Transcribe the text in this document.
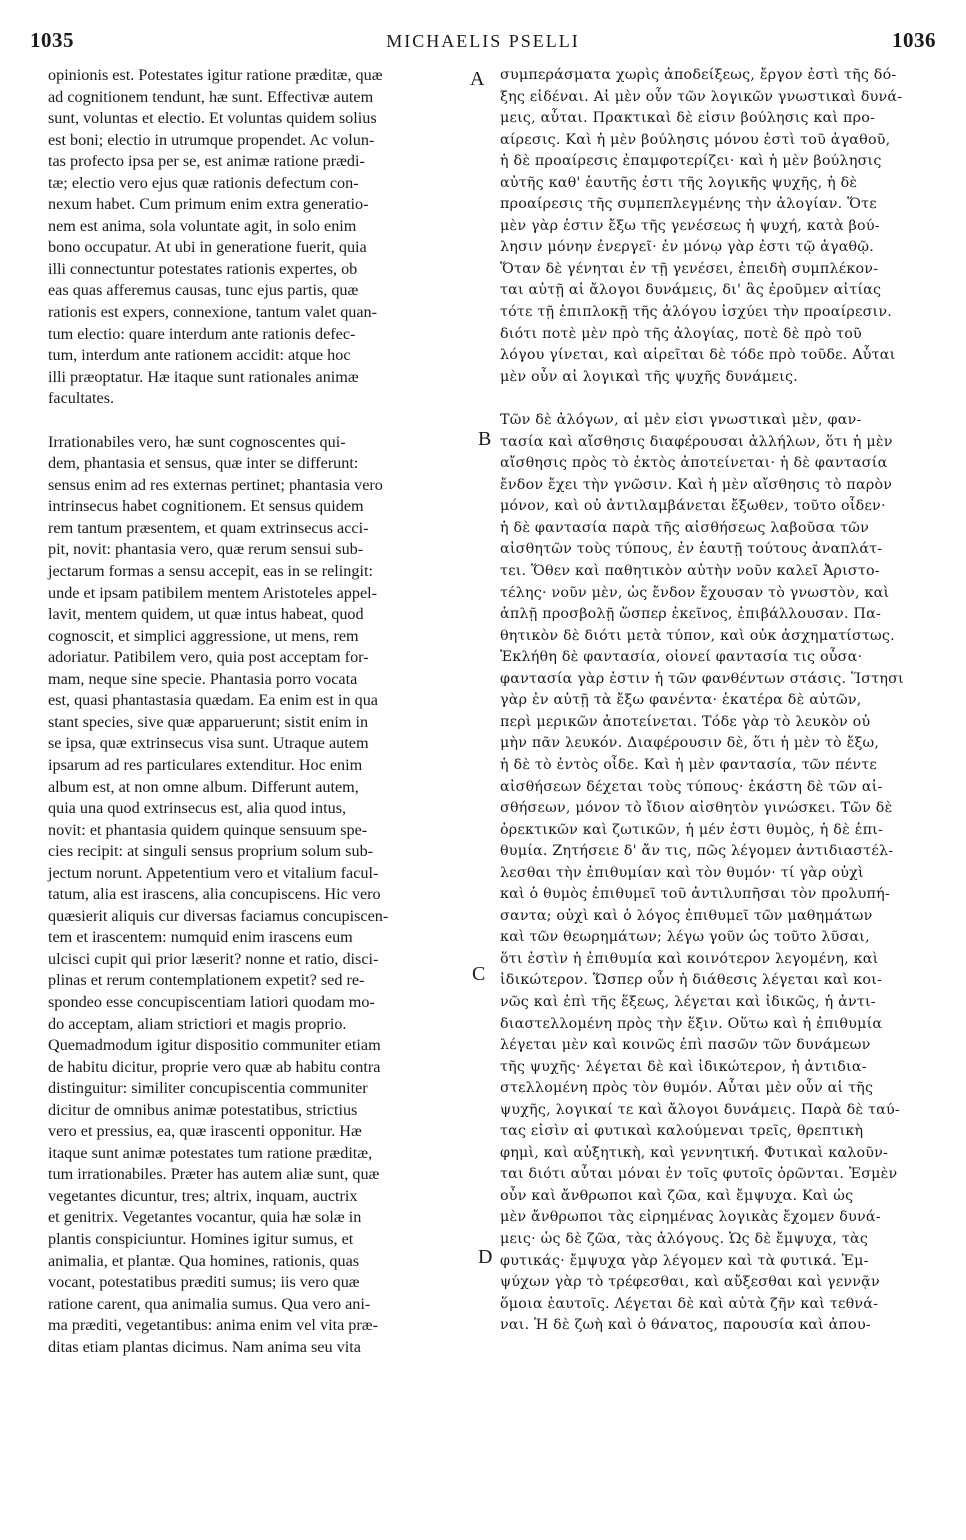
1035	MICHAELIS PSELLI	1036

opinionis est. Potestates igitur ratione præditæ, quæ
ad cognitionem tendunt, hæ sunt. Effectivæ autem
sunt, voluntas et electio. Et voluntas quidem solius
est boni; electio in utrumque propendet. Ac volun-
tas profecto ipsa per se, est animæ ratione prædi-
tæ; electio vero ejus quæ rationis defectum con-
nexum habet. Cum primum enim extra generatio-
nem est anima, sola voluntate agit, in solo enim
bono occupatur. At ubi in generatione fuerit, quia
illi connectuntur potestates rationis expertes, ob
eas quas afferemus causas, tunc ejus partis, quæ
rationis est expers, connexione, tantum valet quan-
tum electio: quare interdum ante rationis defec-
tum, interdum ante rationem accidit: atque hoc
illi præoptatur. Hæ itaque sunt rationales animæ
facultates.

Irrationabiles vero, hæ sunt cognoscentes qui-
dem, phantasia et sensus, quæ inter se differunt:
sensus enim ad res externas pertinet; phantasia vero
intrinsecus habet cognitionem. Et sensus quidem
rem tantum præsentem, et quam extrinsecus acci-
pit, novit: phantasia vero, quæ rerum sensui sub-
jectarum formas a sensu accepit, eas in se relingit:
unde et ipsam patibilem mentem Aristoteles appel-
lavit, mentem quidem, ut quæ intus habeat, quod
cognoscit, et simplici aggressione, ut mens, rem
adoriatur. Patibilem vero, quia post acceptam for-
mam, neque sine specie. Phantasia porro vocata
est, quasi phantastasia quædam. Ea enim est in qua
stant species, sive quæ apparuerunt; sistit enim in
se ipsa, quæ extrinsecus visa sunt. Utraque autem
ipsarum ad res particulares extenditur. Hoc enim
album est, at non omne album. Differunt autem,
quia una quod extrinsecus est, alia quod intus,
novit: et phantasia quidem quinque sensuum spe-
cies recipit: at singuli sensus proprium solum sub-
jectum norunt. Appetentium vero et vitalium facul-
tatum, alia est irascens, alia concupiscens. Hic vero
quæsierit aliquis cur diversas faciamus concupiscen-
tem et irascentem: numquid enim irascens eum
ulcisci cupit qui prior læserit? nonne et ratio, disci-
plinas et rerum contemplationem expetit? sed re-
spondeo esse concupiscentiam latiori quodam mo-
do acceptam, aliam strictiori et magis proprio.
Quemadmodum igitur dispositio communiter etiam
de habitu dicitur, proprie vero quæ ab habitu contra
distinguitur: similiter concupiscentia communiter
dicitur de omnibus animæ potestatibus, strictius
vero et pressius, ea, quæ irascenti opponitur. Hæ
itaque sunt animæ potestates tum ratione præditæ,
tum irrationabiles. Præter has autem aliæ sunt, quæ
vegetantes dicuntur, tres; altrix, inquam, auctrix
et genitrix. Vegetantes vocantur, quia hæ solæ in
plantis conspiciuntur. Homines igitur sumus, et
animalia, et plantæ. Qua homines, rationis, quas
vocant, potestatibus præditi sumus; iis vero quæ
ratione carent, qua animalia sumus. Qua vero ani-
ma præditi, vegetantibus: anima enim vel vita præ-
ditas etiam plantas dicimus. Nam anima seu vita

A
B
C
D

συμπεράσματα χωρὶς ἀποδείξεως, ἔργον ἐστὶ τῆς δό-
ξης εἰδέναι. Αἱ μὲν οὖν τῶν λογικῶν γνωστικαὶ δυνά-
μεις, αὗται. Πρακτικαὶ δὲ εἰσιν βούλησις καὶ προ-
αίρεσις. Καὶ ἡ μὲν βούλησις μόνου ἐστὶ τοῦ ἀγαθοῦ,
ἡ δὲ προαίρεσις ἐπαμφοτερίζει· καὶ ἡ μὲν βούλησις
αὐτῆς καθ' ἑαυτῆς ἐστι τῆς λογικῆς ψυχῆς, ἡ δὲ
προαίρεσις τῆς συμπεπλεγμένης τὴν ἀλογίαν. Ὅτε
μὲν γὰρ ἐστιν ἔξω τῆς γενέσεως ἡ ψυχή, κατὰ βού-
λησιν μόνην ἐνεργεῖ· ἐν μόνῳ γὰρ ἐστι τῷ ἀγαθῷ.
Ὅταν δὲ γένηται ἐν τῇ γενέσει, ἐπειδὴ συμπλέκον-
ται αὐτῇ αἱ ἄλογοι δυνάμεις, δι' ἃς ἐροῦμεν αἰτίας
τότε τῇ ἐπιπλοκῇ τῆς ἀλόγου ἰσχύει τὴν προαίρεσιν.
διότι ποτὲ μὲν πρὸ τῆς ἀλογίας, ποτὲ δὲ πρὸ τοῦ
λόγου γίνεται, καὶ αἱρεῖται δὲ τόδε πρὸ τοῦδε. Αὗται
μὲν οὖν αἱ λογικαὶ τῆς ψυχῆς δυνάμεις.

Τῶν δὲ ἀλόγων, αἱ μὲν εἰσι γνωστικαὶ μὲν, φαν-
τασία καὶ αἴσθησις διαφέρουσαι ἀλλήλων, ὅτι ἡ μὲν
αἴσθησις πρὸς τὸ ἐκτὸς ἀποτείνεται· ἡ δὲ φαντασία
ἔνδον ἔχει τὴν γνῶσιν. Καὶ ἡ μὲν αἴσθησις τὸ παρὸν
μόνον, καὶ οὐ ἀντιλαμβάνεται ἔξωθεν, τοῦτο οἶδεν·
ἡ δὲ φαντασία παρὰ τῆς αἰσθήσεως λαβοῦσα τῶν
αἰσθητῶν τοὺς τύπους, ἐν ἑαυτῇ τούτους ἀναπλάτ-
τει. Ὅθεν καὶ παθητικὸν αὐτὴν νοῦν καλεῖ Ἀριστο-
τέλης· νοῦν μὲν, ὡς ἔνδον ἔχουσαν τὸ γνωστὸν, καὶ
ἁπλῇ προσβολῇ ὥσπερ ἐκεῖνος, ἐπιβάλλουσαν. Πα-
θητικὸν δὲ διότι μετὰ τύπον, καὶ οὐκ ἀσχηματίστως.
Ἐκλήθη δὲ φαντασία, οἱονεί φαντασία τις οὖσα·
φαντασία γὰρ ἐστιν ἡ τῶν φανθέντων στάσις. Ἵστησι
γὰρ ἐν αὐτῇ τὰ ἔξω φανέντα· ἑκατέρα δὲ αὐτῶν,
περὶ μερικῶν ἀποτείνεται. Τόδε γὰρ τὸ λευκὸν οὐ
μὴν πᾶν λευκόν. Διαφέρουσιν δὲ, ὅτι ἡ μὲν τὸ ἔξω,
ἡ δὲ τὸ ἐντὸς οἶδε. Καὶ ἡ μὲν φαντασία, τῶν πέντε
αἰσθήσεων δέχεται τοὺς τύπους· ἑκάστη δὲ τῶν αἰ-
σθήσεων, μόνον τὸ ἴδιον αἰσθητὸν γινώσκει. Τῶν δὲ
ὀρεκτικῶν καὶ ζωτικῶν, ἡ μέν ἐστι θυμὸς, ἡ δὲ ἐπι-
θυμία. Ζητήσειε δ' ἄν τις, πῶς λέγομεν ἀντιδιαστέλ-
λεσθαι τὴν ἐπιθυμίαν καὶ τὸν θυμόν· τί γὰρ οὐχὶ
καὶ ὁ θυμὸς ἐπιθυμεῖ τοῦ ἀντιλυπῆσαι τὸν προλυπή-
σαντα; οὐχὶ καὶ ὁ λόγος ἐπιθυμεῖ τῶν μαθημάτων
καὶ τῶν θεωρημάτων; λέγω γοῦν ὡς τοῦτο λῦσαι,
ὅτι ἐστὶν ἡ ἐπιθυμία καὶ κοινότερον λεγομένη, καὶ
ἰδικώτερον. Ὥσπερ οὖν ἡ διάθεσις λέγεται καὶ κοι-
νῶς καὶ ἐπὶ τῆς ἕξεως, λέγεται καὶ ἰδικῶς, ἡ ἀντι-
διαστελλομένη πρὸς τὴν ἕξιν. Οὕτω καὶ ἡ ἐπιθυμία
λέγεται μὲν καὶ κοινῶς ἐπὶ πασῶν τῶν δυνάμεων
τῆς ψυχῆς· λέγεται δὲ καὶ ἰδικώτερον, ἡ ἀντιδια-
στελλομένη πρὸς τὸν θυμόν. Αὗται μὲν οὖν αἱ τῆς
ψυχῆς, λογικαί τε καὶ ἄλογοι δυνάμεις. Παρὰ δὲ ταύ-
τας εἰσὶν αἱ φυτικαὶ καλούμεναι τρεῖς, θρεπτικὴ
φημὶ, καὶ αὐξητικὴ, καὶ γεννητική. Φυτικαὶ καλοῦν-
ται διότι αὗται μόναι ἐν τοῖς φυτοῖς ὁρῶνται. Ἐσμὲν
οὖν καὶ ἄνθρωποι καὶ ζῶα, καὶ ἔμψυχα. Καὶ ὡς
μὲν ἄνθρωποι τὰς εἰρημένας λογικὰς ἔχομεν δυνά-
μεις· ὡς δὲ ζῶα, τὰς ἀλόγους. Ὡς δὲ ἔμψυχα, τὰς
φυτικάς· ἔμψυχα γὰρ λέγομεν καὶ τὰ φυτικά. Ἐμ-
ψύχων γὰρ τὸ τρέφεσθαι, καὶ αὔξεσθαι καὶ γεννᾷν
ὅμοια ἑαυτοῖς. Λέγεται δὲ καὶ αὐτὰ ζῆν καὶ τεθνά-
ναι. Ἡ δὲ ζωὴ καὶ ὁ θάνατος, παρουσία καὶ ἀπου-
